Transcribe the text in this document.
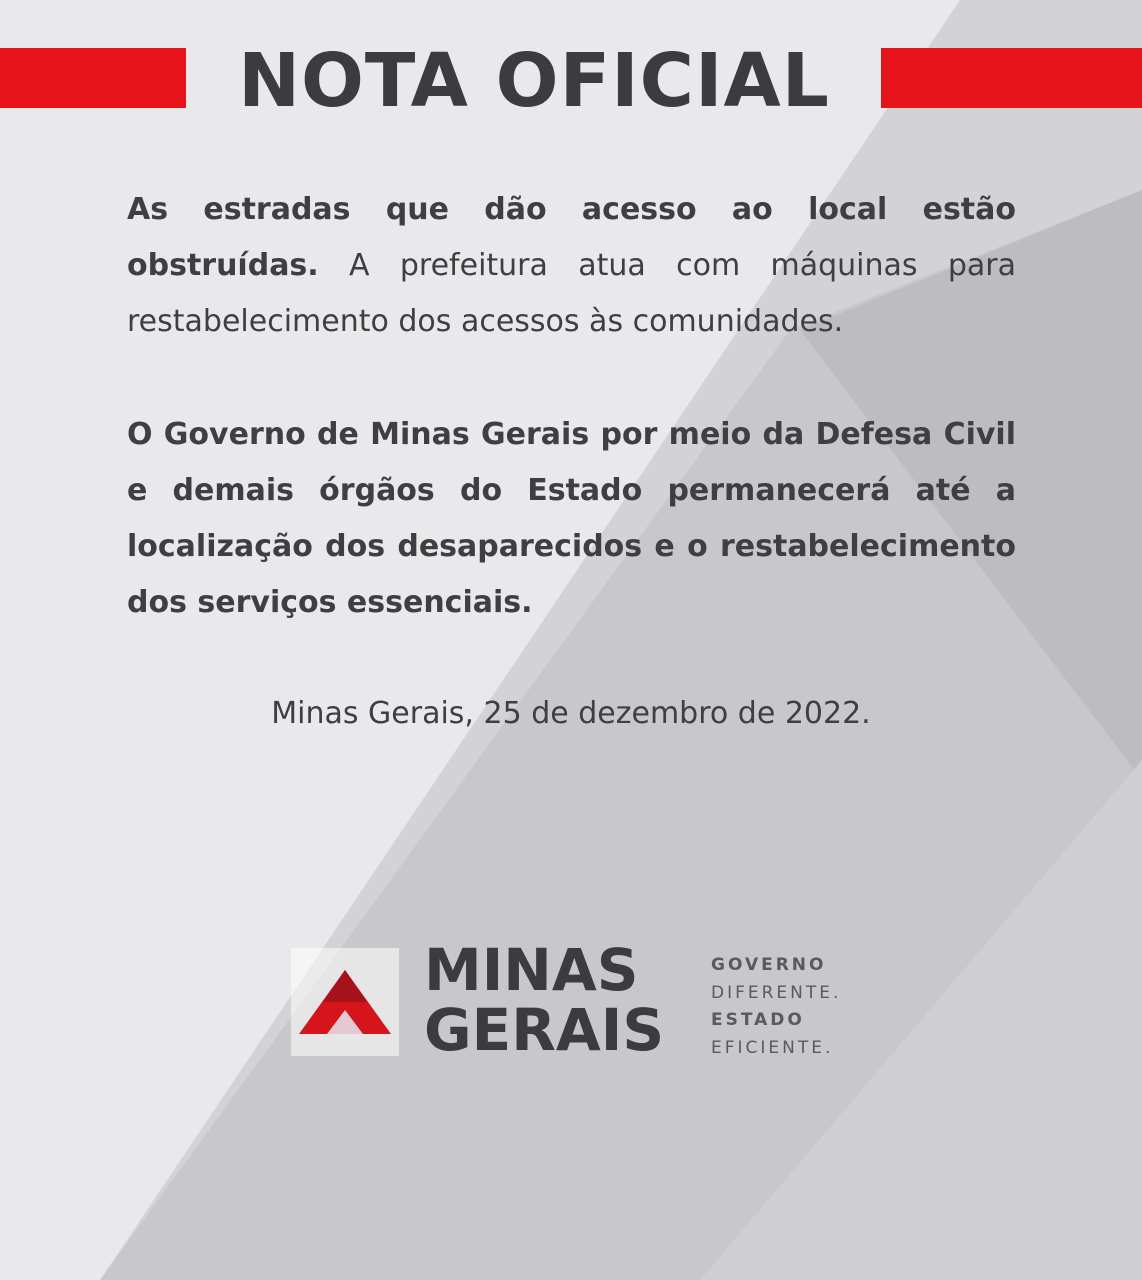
NOTA OFICIAL

As estradas que dão acesso ao local estão obstruídas. A prefeitura atua com máquinas para restabelecimento dos acessos às comunidades.

O Governo de Minas Gerais por meio da Defesa Civil e demais órgãos do Estado permanecerá até a localização dos desaparecidos e o restabelecimento dos serviços essenciais.

Minas Gerais, 25 de dezembro de 2022.

MINAS
GERAIS
GOVERNO
DIFERENTE.
ESTADO
EFICIENTE.
